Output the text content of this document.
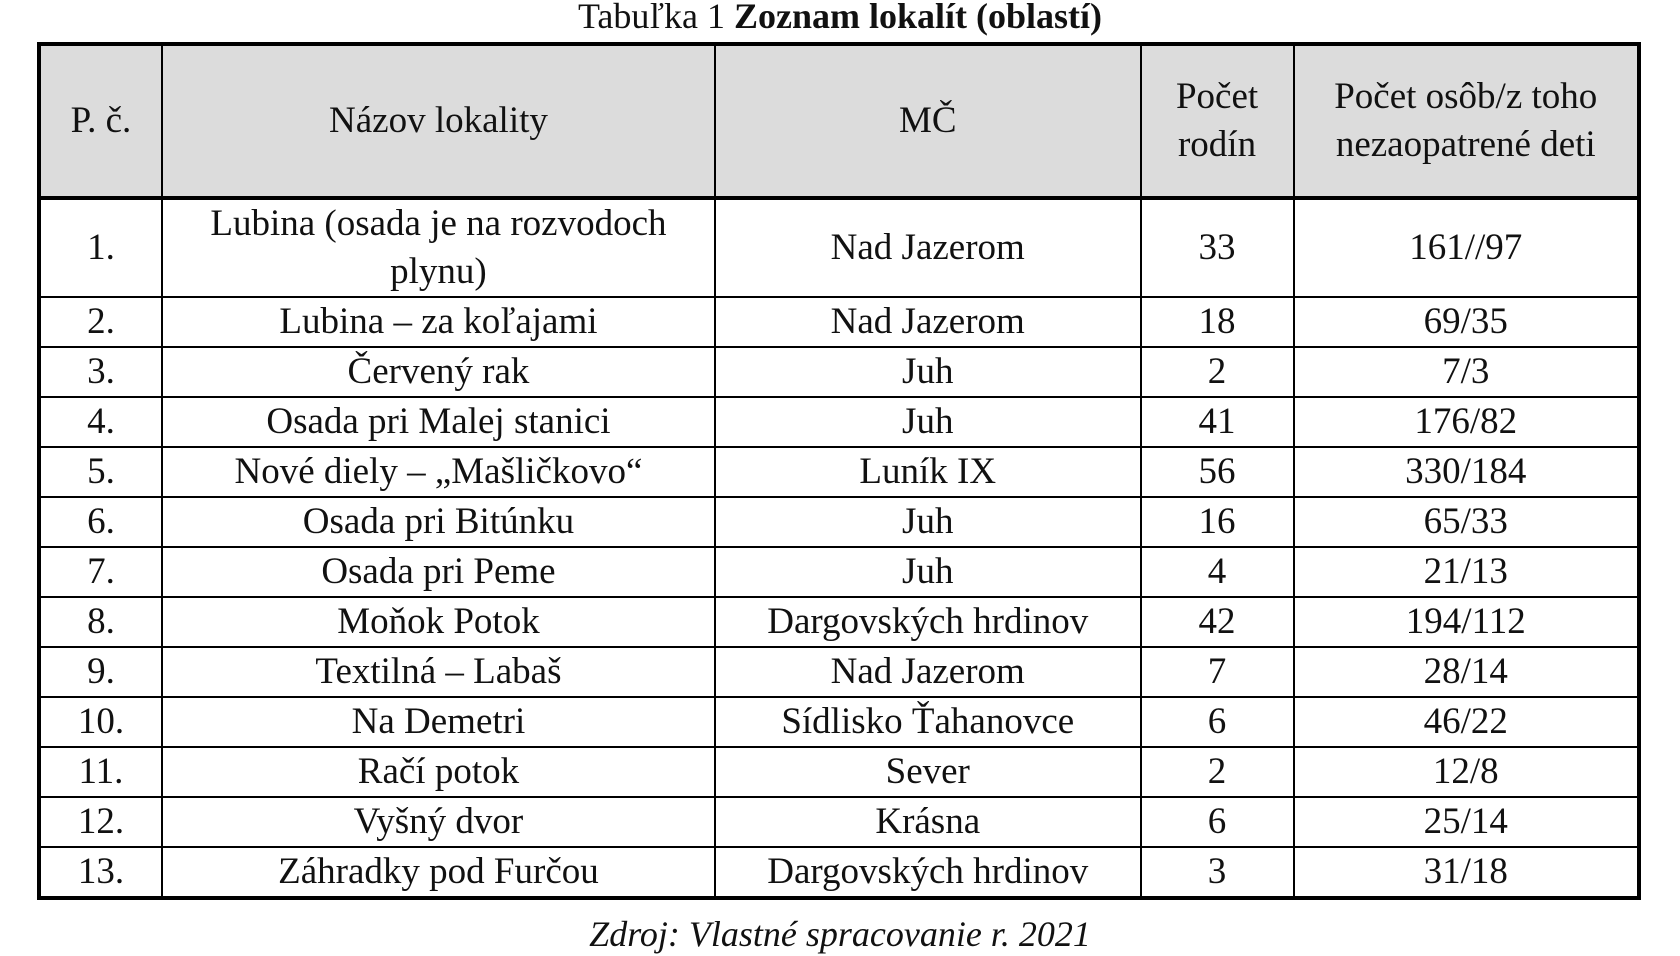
Tabuľka 1 Zoznam lokalít (oblastí)
P. č.	Názov lokality	MČ	Počet rodín	Počet osôb/z toho nezaopatrené deti
1.	Lubina (osada je na rozvodoch plynu)	Nad Jazerom	33	161//97
2.	Lubina – za koľajami	Nad Jazerom	18	69/35
3.	Červený rak	Juh	2	7/3
4.	Osada pri Malej stanici	Juh	41	176/82
5.	Nové diely – „Mašličkovo“	Luník IX	56	330/184
6.	Osada pri Bitúnku	Juh	16	65/33
7.	Osada pri Peme	Juh	4	21/13
8.	Moňok Potok	Dargovských hrdinov	42	194/112
9.	Textilná – Labaš	Nad Jazerom	7	28/14
10.	Na Demetri	Sídlisko Ťahanovce	6	46/22
11.	Račí potok	Sever	2	12/8
12.	Vyšný dvor	Krásna	6	25/14
13.	Záhradky pod Furčou	Dargovských hrdinov	3	31/18
Zdroj: Vlastné spracovanie r. 2021
